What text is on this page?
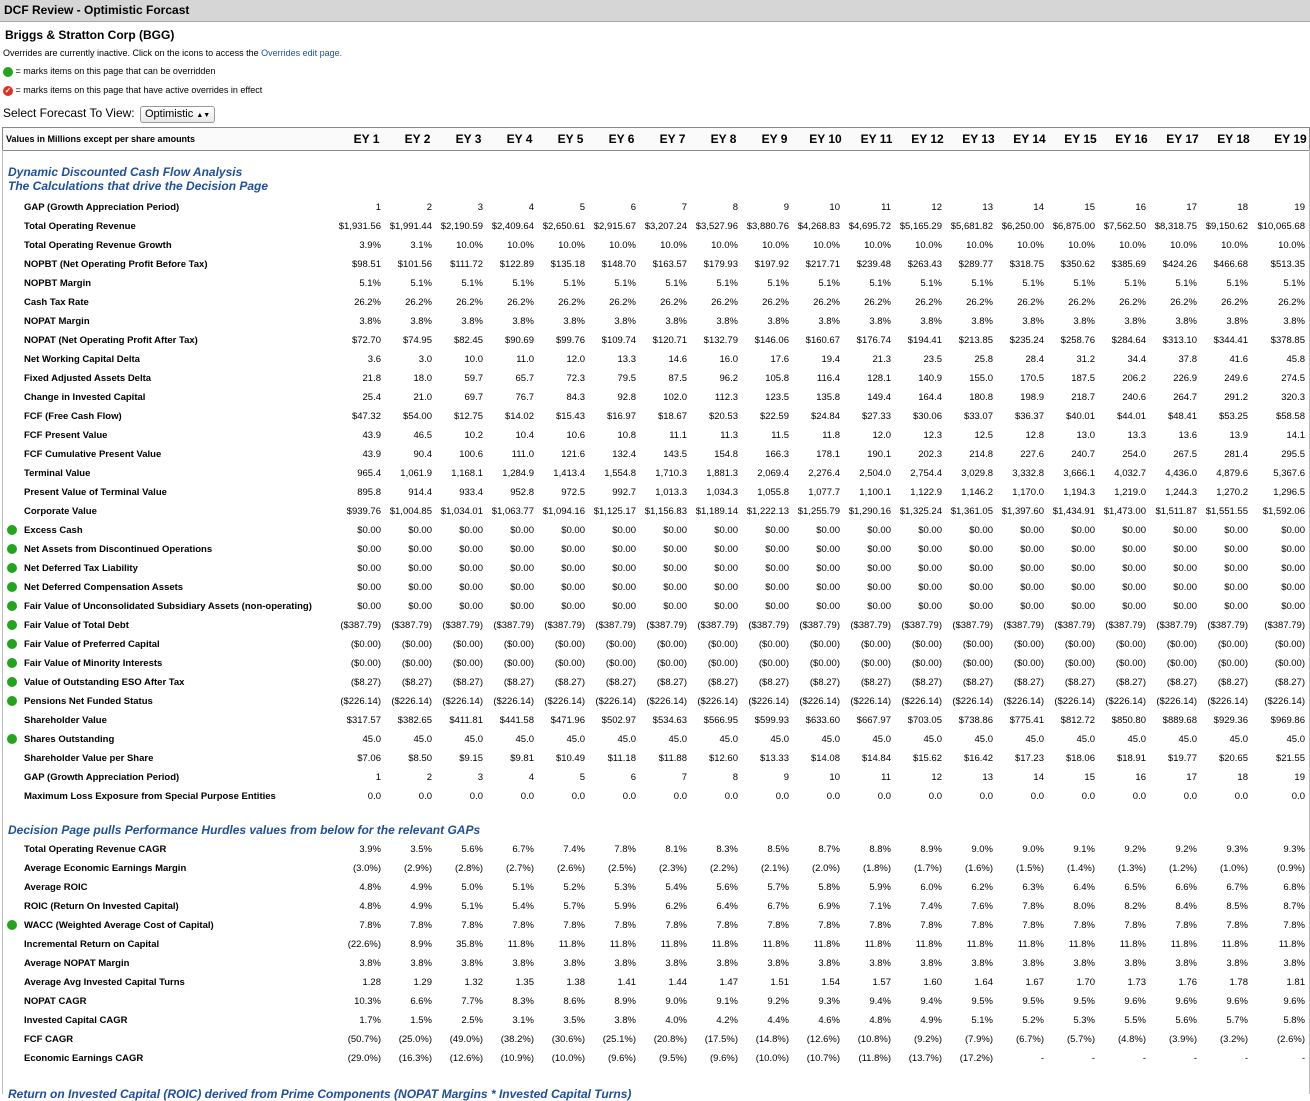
DCF Review - Optimistic Forcast
Briggs & Stratton Corp (BGG)
Overrides are currently inactive. Click on the icons to access the Overrides edit page.
= marks items on this page that can be overridden
✓ = marks items on this page that have active overrides in effect
Select Forecast To View: Optimistic ▲▼
Values in Millions except per share amounts	EY 1	EY 2	EY 3	EY 4	EY 5	EY 6	EY 7	EY 8	EY 9	EY 10	EY 11	EY 12	EY 13	EY 14	EY 15	EY 16	EY 17	EY 18	EY 19
Dynamic Discounted Cash Flow Analysis
The Calculations that drive the Decision Page
GAP (Growth Appreciation Period)	1	2	3	4	5	6	7	8	9	10	11	12	13	14	15	16	17	18	19
Total Operating Revenue	$1,931.56 $1,991.44 $2,190.59 $2,409.64 $2,650.61 $2,915.67 $3,207.24 $3,527.96 $3,880.76 $4,268.83 $4,695.72 $5,165.29 $5,681.82 $6,250.00 $6,875.00 $7,562.50 $8,318.75 $9,150.62 $10,065.68
Total Operating Revenue Growth	3.9%	3.1%	10.0%	10.0%	10.0%	10.0%	10.0%	10.0%	10.0%	10.0%	10.0%	10.0%	10.0%	10.0%	10.0%	10.0%	10.0%	10.0%	10.0%
NOPBT (Net Operating Profit Before Tax)	$98.51	$101.56	$111.72	$122.89	$135.18	$148.70	$163.57	$179.93	$197.92	$217.71	$239.48	$263.43	$289.77	$318.75	$350.62	$385.69	$424.26	$466.68	$513.35
NOPBT Margin	5.1%	5.1%	5.1%	5.1%	5.1%	5.1%	5.1%	5.1%	5.1%	5.1%	5.1%	5.1%	5.1%	5.1%	5.1%	5.1%	5.1%	5.1%	5.1%
Cash Tax Rate	26.2%	26.2%	26.2%	26.2%	26.2%	26.2%	26.2%	26.2%	26.2%	26.2%	26.2%	26.2%	26.2%	26.2%	26.2%	26.2%	26.2%	26.2%	26.2%
NOPAT Margin	3.8%	3.8%	3.8%	3.8%	3.8%	3.8%	3.8%	3.8%	3.8%	3.8%	3.8%	3.8%	3.8%	3.8%	3.8%	3.8%	3.8%	3.8%	3.8%
NOPAT (Net Operating Profit After Tax)	$72.70	$74.95	$82.45	$90.69	$99.76	$109.74	$120.71	$132.79	$146.06	$160.67	$176.74	$194.41	$213.85	$235.24	$258.76	$284.64	$313.10	$344.41	$378.85
Net Working Capital Delta	3.6	3.0	10.0	11.0	12.0	13.3	14.6	16.0	17.6	19.4	21.3	23.5	25.8	28.4	31.2	34.4	37.8	41.6	45.8
Fixed Adjusted Assets Delta	21.8	18.0	59.7	65.7	72.3	79.5	87.5	96.2	105.8	116.4	128.1	140.9	155.0	170.5	187.5	206.2	226.9	249.6	274.5
Change in Invested Capital	25.4	21.0	69.7	76.7	84.3	92.8	102.0	112.3	123.5	135.8	149.4	164.4	180.8	198.9	218.7	240.6	264.7	291.2	320.3
FCF (Free Cash Flow)	$47.32	$54.00	$12.75	$14.02	$15.43	$16.97	$18.67	$20.53	$22.59	$24.84	$27.33	$30.06	$33.07	$36.37	$40.01	$44.01	$48.41	$53.25	$58.58
FCF Present Value	43.9	46.5	10.2	10.4	10.6	10.8	11.1	11.3	11.5	11.8	12.0	12.3	12.5	12.8	13.0	13.3	13.6	13.9	14.1
FCF Cumulative Present Value	43.9	90.4	100.6	111.0	121.6	132.4	143.5	154.8	166.3	178.1	190.1	202.3	214.8	227.6	240.7	254.0	267.5	281.4	295.5
Terminal Value	965.4	1,061.9	1,168.1	1,284.9	1,413.4	1,554.8	1,710.3	1,881.3	2,069.4	2,276.4	2,504.0	2,754.4	3,029.8	3,332.8	3,666.1	4,032.7	4,436.0	4,879.6	5,367.6
Present Value of Terminal Value	895.8	914.4	933.4	952.8	972.5	992.7	1,013.3	1,034.3	1,055.8	1,077.7	1,100.1	1,122.9	1,146.2	1,170.0	1,194.3	1,219.0	1,244.3	1,270.2	1,296.5
Corporate Value	$939.76 $1,004.85 $1,034.01 $1,063.77 $1,094.16 $1,125.17 $1,156.83 $1,189.14 $1,222.13 $1,255.79 $1,290.16 $1,325.24 $1,361.05 $1,397.60 $1,434.91 $1,473.00 $1,511.87 $1,551.55	$1,592.06
Excess Cash	$0.00	$0.00	$0.00	$0.00	$0.00	$0.00	$0.00	$0.00	$0.00	$0.00	$0.00	$0.00	$0.00	$0.00	$0.00	$0.00	$0.00	$0.00	$0.00
Net Assets from Discontinued Operations	$0.00	$0.00	$0.00	$0.00	$0.00	$0.00	$0.00	$0.00	$0.00	$0.00	$0.00	$0.00	$0.00	$0.00	$0.00	$0.00	$0.00	$0.00	$0.00
Net Deferred Tax Liability	$0.00	$0.00	$0.00	$0.00	$0.00	$0.00	$0.00	$0.00	$0.00	$0.00	$0.00	$0.00	$0.00	$0.00	$0.00	$0.00	$0.00	$0.00	$0.00
Net Deferred Compensation Assets	$0.00	$0.00	$0.00	$0.00	$0.00	$0.00	$0.00	$0.00	$0.00	$0.00	$0.00	$0.00	$0.00	$0.00	$0.00	$0.00	$0.00	$0.00	$0.00
Fair Value of Unconsolidated Subsidiary Assets (non-operating)	$0.00	$0.00	$0.00	$0.00	$0.00	$0.00	$0.00	$0.00	$0.00	$0.00	$0.00	$0.00	$0.00	$0.00	$0.00	$0.00	$0.00	$0.00	$0.00
Fair Value of Total Debt	($387.79)	($387.79)	($387.79)	($387.79)	($387.79)	($387.79)	($387.79)	($387.79)	($387.79)	($387.79)	($387.79)	($387.79)	($387.79)	($387.79)	($387.79)	($387.79)	($387.79)	($387.79)	($387.79)
Fair Value of Preferred Capital	($0.00)	($0.00)	($0.00)	($0.00)	($0.00)	($0.00)	($0.00)	($0.00)	($0.00)	($0.00)	($0.00)	($0.00)	($0.00)	($0.00)	($0.00)	($0.00)	($0.00)	($0.00)	($0.00)
Fair Value of Minority Interests	($0.00)	($0.00)	($0.00)	($0.00)	($0.00)	($0.00)	($0.00)	($0.00)	($0.00)	($0.00)	($0.00)	($0.00)	($0.00)	($0.00)	($0.00)	($0.00)	($0.00)	($0.00)	($0.00)
Value of Outstanding ESO After Tax	($8.27)	($8.27)	($8.27)	($8.27)	($8.27)	($8.27)	($8.27)	($8.27)	($8.27)	($8.27)	($8.27)	($8.27)	($8.27)	($8.27)	($8.27)	($8.27)	($8.27)	($8.27)	($8.27)
Pensions Net Funded Status	($226.14)	($226.14)	($226.14)	($226.14)	($226.14)	($226.14)	($226.14)	($226.14)	($226.14)	($226.14)	($226.14)	($226.14)	($226.14)	($226.14)	($226.14)	($226.14)	($226.14)	($226.14)	($226.14)
Shareholder Value	$317.57	$382.65	$411.81	$441.58	$471.96	$502.97	$534.63	$566.95	$599.93	$633.60	$667.97	$703.05	$738.86	$775.41	$812.72	$850.80	$889.68	$929.36	$969.86
Shares Outstanding	45.0	45.0	45.0	45.0	45.0	45.0	45.0	45.0	45.0	45.0	45.0	45.0	45.0	45.0	45.0	45.0	45.0	45.0	45.0
Shareholder Value per Share	$7.06	$8.50	$9.15	$9.81	$10.49	$11.18	$11.88	$12.60	$13.33	$14.08	$14.84	$15.62	$16.42	$17.23	$18.06	$18.91	$19.77	$20.65	$21.55
GAP (Growth Appreciation Period)	1	2	3	4	5	6	7	8	9	10	11	12	13	14	15	16	17	18	19
Maximum Loss Exposure from Special Purpose Entities	0.0	0.0	0.0	0.0	0.0	0.0	0.0	0.0	0.0	0.0	0.0	0.0	0.0	0.0	0.0	0.0	0.0	0.0	0.0
Decision Page pulls Performance Hurdles values from below for the relevant GAPs
Total Operating Revenue CAGR	3.9%	3.5%	5.6%	6.7%	7.4%	7.8%	8.1%	8.3%	8.5%	8.7%	8.8%	8.9%	9.0%	9.0%	9.1%	9.2%	9.2%	9.3%	9.3%
Average Economic Earnings Margin	(3.0%)	(2.9%)	(2.8%)	(2.7%)	(2.6%)	(2.5%)	(2.3%)	(2.2%)	(2.1%)	(2.0%)	(1.8%)	(1.7%)	(1.6%)	(1.5%)	(1.4%)	(1.3%)	(1.2%)	(1.0%)	(0.9%)
Average ROIC	4.8%	4.9%	5.0%	5.1%	5.2%	5.3%	5.4%	5.6%	5.7%	5.8%	5.9%	6.0%	6.2%	6.3%	6.4%	6.5%	6.6%	6.7%	6.8%
ROIC (Return On Invested Capital)	4.8%	4.9%	5.1%	5.4%	5.7%	5.9%	6.2%	6.4%	6.7%	6.9%	7.1%	7.4%	7.6%	7.8%	8.0%	8.2%	8.4%	8.5%	8.7%
WACC (Weighted Average Cost of Capital)	7.8%	7.8%	7.8%	7.8%	7.8%	7.8%	7.8%	7.8%	7.8%	7.8%	7.8%	7.8%	7.8%	7.8%	7.8%	7.8%	7.8%	7.8%	7.8%
Incremental Return on Capital	(22.6%)	8.9%	35.8%	11.8%	11.8%	11.8%	11.8%	11.8%	11.8%	11.8%	11.8%	11.8%	11.8%	11.8%	11.8%	11.8%	11.8%	11.8%	11.8%
Average NOPAT Margin	3.8%	3.8%	3.8%	3.8%	3.8%	3.8%	3.8%	3.8%	3.8%	3.8%	3.8%	3.8%	3.8%	3.8%	3.8%	3.8%	3.8%	3.8%	3.8%
Average Avg Invested Capital Turns	1.28	1.29	1.32	1.35	1.38	1.41	1.44	1.47	1.51	1.54	1.57	1.60	1.64	1.67	1.70	1.73	1.76	1.78	1.81
NOPAT CAGR	10.3%	6.6%	7.7%	8.3%	8.6%	8.9%	9.0%	9.1%	9.2%	9.3%	9.4%	9.4%	9.5%	9.5%	9.5%	9.6%	9.6%	9.6%	9.6%
Invested Capital CAGR	1.7%	1.5%	2.5%	3.1%	3.5%	3.8%	4.0%	4.2%	4.4%	4.6%	4.8%	4.9%	5.1%	5.2%	5.3%	5.5%	5.6%	5.7%	5.8%
FCF CAGR	(50.7%)	(25.0%)	(49.0%)	(38.2%)	(30.6%)	(25.1%)	(20.8%)	(17.5%)	(14.8%)	(12.6%)	(10.8%)	(9.2%)	(7.9%)	(6.7%)	(5.7%)	(4.8%)	(3.9%)	(3.2%)	(2.6%)
Economic Earnings CAGR	(29.0%)	(16.3%)	(12.6%)	(10.9%)	(10.0%)	(9.6%)	(9.5%)	(9.6%)	(10.0%)	(10.7%)	(11.8%)	(13.7%)	(17.2%)	-	-	-	-	-	-
Return on Invested Capital (ROIC) derived from Prime Components (NOPAT Margins * Invested Capital Turns)
